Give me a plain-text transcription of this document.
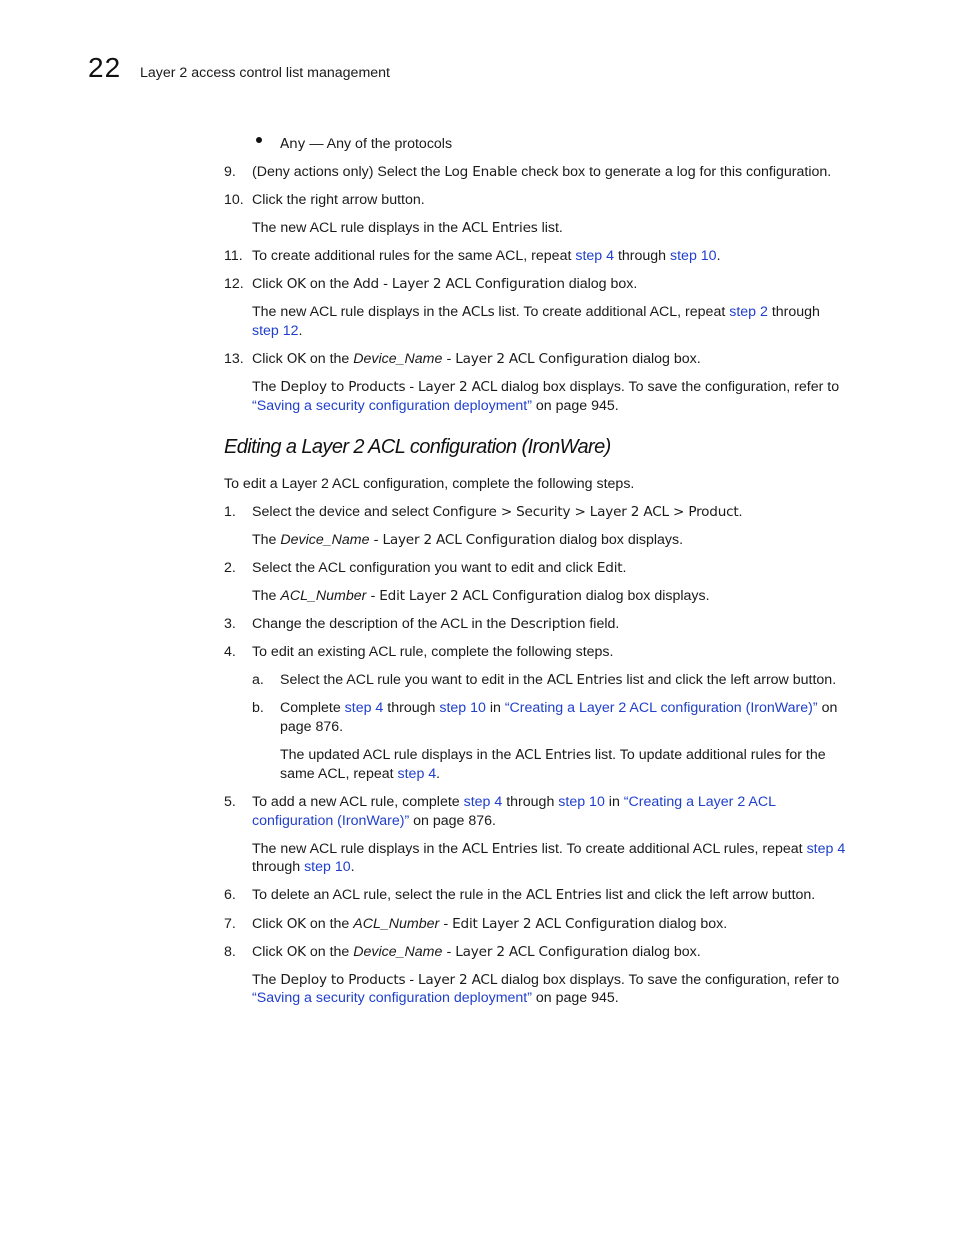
22 Layer 2 access control list management
Any — Any of the protocols
9. (Deny actions only) Select the Log Enable check box to generate a log for this configuration.
10. Click the right arrow button.
The new ACL rule displays in the ACL Entries list.
11. To create additional rules for the same ACL, repeat step 4 through step 10.
12. Click OK on the Add - Layer 2 ACL Configuration dialog box.
The new ACL rule displays in the ACLs list. To create additional ACL, repeat step 2 through
step 12.
13. Click OK on the Device_Name - Layer 2 ACL Configuration dialog box.
The Deploy to Products - Layer 2 ACL dialog box displays. To save the configuration, refer to
“Saving a security configuration deployment” on page 945.
Editing a Layer 2 ACL configuration (IronWare)
To edit a Layer 2 ACL configuration, complete the following steps.
1. Select the device and select Configure > Security > Layer 2 ACL > Product.
The Device_Name - Layer 2 ACL Configuration dialog box displays.
2. Select the ACL configuration you want to edit and click Edit.
The ACL_Number - Edit Layer 2 ACL Configuration dialog box displays.
3. Change the description of the ACL in the Description field.
4. To edit an existing ACL rule, complete the following steps.
a. Select the ACL rule you want to edit in the ACL Entries list and click the left arrow button.
b. Complete step 4 through step 10 in “Creating a Layer 2 ACL configuration (IronWare)” on
page 876.
The updated ACL rule displays in the ACL Entries list. To update additional rules for the
same ACL, repeat step 4.
5. To add a new ACL rule, complete step 4 through step 10 in “Creating a Layer 2 ACL
configuration (IronWare)” on page 876.
The new ACL rule displays in the ACL Entries list. To create additional ACL rules, repeat step 4
through step 10.
6. To delete an ACL rule, select the rule in the ACL Entries list and click the left arrow button.
7. Click OK on the ACL_Number - Edit Layer 2 ACL Configuration dialog box.
8. Click OK on the Device_Name - Layer 2 ACL Configuration dialog box.
The Deploy to Products - Layer 2 ACL dialog box displays. To save the configuration, refer to
“Saving a security configuration deployment” on page 945.
